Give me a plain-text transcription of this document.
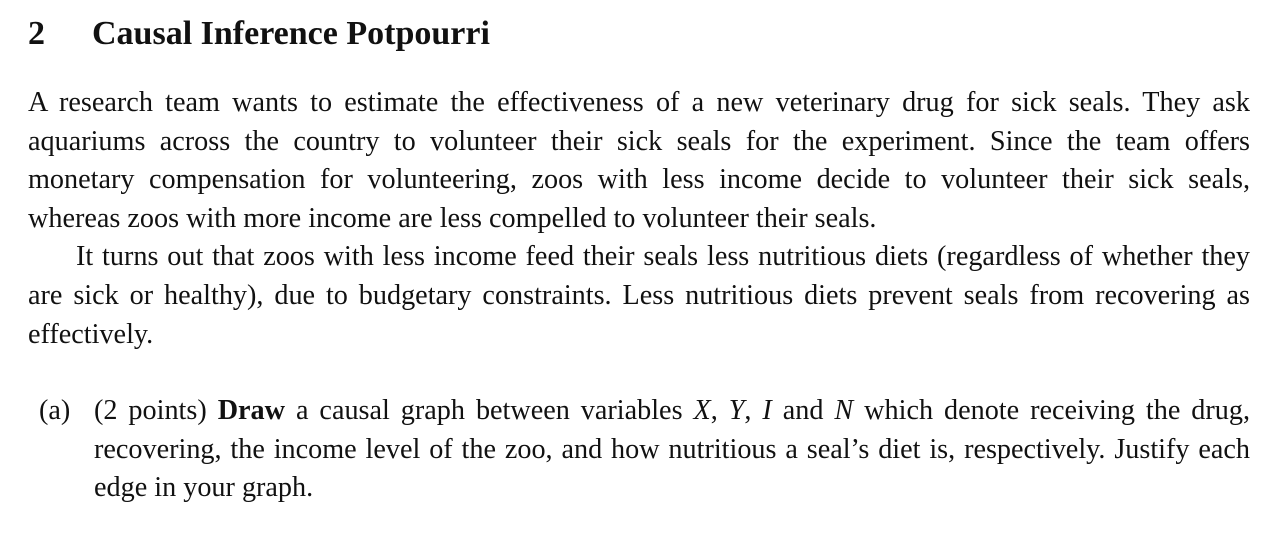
2 Causal Inference Potpourri

A research team wants to estimate the effectiveness of a new veterinary drug for sick seals. They ask aquariums across the country to volunteer their sick seals for the experiment. Since the team offers monetary compensation for volunteering, zoos with less income decide to volunteer their sick seals, whereas zoos with more income are less compelled to volunteer their seals.

It turns out that zoos with less income feed their seals less nutritious diets (regardless of whether they are sick or healthy), due to budgetary constraints. Less nutritious diets prevent seals from recovering as effectively.

(a) (2 points) Draw a causal graph between variables X, Y, I and N which denote receiving the drug, recovering, the income level of the zoo, and how nutritious a seal’s diet is, respectively. Justify each edge in your graph.
